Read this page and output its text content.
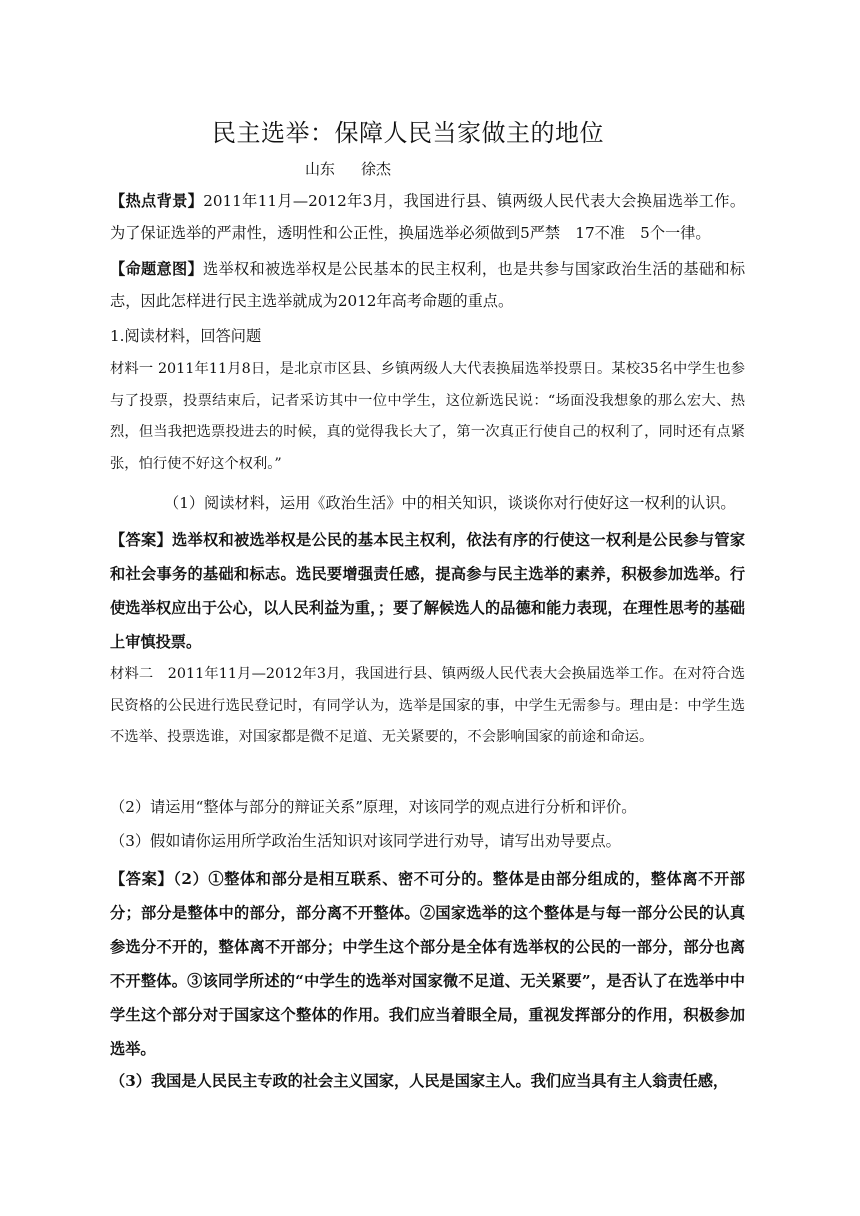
民主选举：保障人民当家做主的地位
山东 徐杰

【热点背景】2011年11月—2012年3月，我国进行县、镇两级人民代表大会换届选举工作。为了保证选举的严肃性，透明性和公正性，换届选举必须做到5严禁　17不准　5个一律。

【命题意图】选举权和被选举权是公民基本的民主权利，也是共参与国家政治生活的基础和标志，因此怎样进行民主选举就成为2012年高考命题的重点。

1.阅读材料，回答问题

材料一 2011年11月8日，是北京市区县、乡镇两级人大代表换届选举投票日。某校35名中学生也参与了投票，投票结束后，记者采访其中一位中学生，这位新选民说：“场面没我想象的那么宏大、热烈，但当我把选票投进去的时候，真的觉得我长大了，第一次真正行使自己的权利了，同时还有点紧张，怕行使不好这个权利。”

（1）阅读材料，运用《政治生活》中的相关知识，谈谈你对行使好这一权利的认识。

【答案】选举权和被选举权是公民的基本民主权利，依法有序的行使这一权利是公民参与管家和社会事务的基础和标志。选民要增强责任感，提高参与民主选举的素养，积极参加选举。行使选举权应出于公心，以人民利益为重，；要了解候选人的品德和能力表现，在理性思考的基础上审慎投票。

材料二　2011年11月—2012年3月，我国进行县、镇两级人民代表大会换届选举工作。在对符合选民资格的公民进行选民登记时，有同学认为，选举是国家的事，中学生无需参与。理由是：中学生选不选举、投票选谁，对国家都是微不足道、无关紧要的，不会影响国家的前途和命运。

（2）请运用“整体与部分的辩证关系”原理，对该同学的观点进行分析和评价。

（3）假如请你运用所学政治生活知识对该同学进行劝导，请写出劝导要点。

【答案】（2）①整体和部分是相互联系、密不可分的。整体是由部分组成的，整体离不开部分；部分是整体中的部分，部分离不开整体。②国家选举的这个整体是与每一部分公民的认真参选分不开的，整体离不开部分；中学生这个部分是全体有选举权的公民的一部分，部分也离不开整体。③该同学所述的“中学生的选举对国家微不足道、无关紧要”，是否认了在选举中中学生这个部分对于国家这个整体的作用。我们应当着眼全局，重视发挥部分的作用，积极参加选举。

（3）我国是人民民主专政的社会主义国家，人民是国家主人。我们应当具有主人翁责任感，
